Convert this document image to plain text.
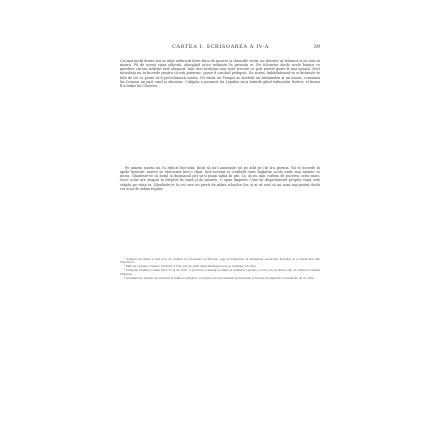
CARTEA I. SCRISOAREA A IV-A	39

Cei mai mulți dintre noi se abat nefericiți între frica de moarte și chinurile vieții: nu dorește să trăiască și nu știu să moară. Fă de aceea viața plăcută, alungând orice neliniște în privința ei. Nu folosește decât acele bunuri ce pierdere cărora sufletul este obișnuit. Iată deci învățăm cum sunt trecute ce poți pierde poate fi mai ușoară. Deci niciodată nu te încrede pentru că ești puternic, poate fi oricând pedepsit. De aceea, îmbărbătează-te și întărește-te față de tot ce poate să-ți pecetluiască soarta. De văzut nu Pompei au hotărât un băiețandru și un eunuc, cruzimea lui Crassus un part crud și obraznic. Caligula a poruncit lui Lepidus să-și întindă gâtul tribunului Dexter; el însuși îl-a întins lui Chaerea.

Pe nimeni soarta nu l-a ridicat într-atât, încât să nu-l amenințe tot pe atât pe cât îi-a permis. Nu te încrede în apele liniștite: marea se răstoarnă într-o clipă, într-aceeași zi corăbiile sunt înghițite acolo unde mai înainte se jucau. Gândește-te că hoțul și dușmanul pot să-ți pună sabia în gât. Cu să nu mai vorbim de puterea celor mari, orice sclav are asupra ta dreptul de viață și de moarte. O spun limpede: Cine își disprețuiește propria viață este stăpân pe viața ta. Gândește-te la cei care au pierit de mâna sclavilor lor, și ai să vezi că nu sunt mai puțini decât cei uciși de mâna regilor.

¹ Pompei cel Mare a fost ucis de ordinul lui Ptolemeu al XIII-lea, rege al Egiptului, la instigarea eunucului Pothinus și a sfetnicului său Theodotos.

² Marcus Licinius Crassus, triumvir, a fost ucis de parți după înfrângerea de la Carrhae (53 î.Hr.).

³ Caligula, împărat roman între 37 și 41 d.Hr., a poruncit uciderea lui Marcus Aemilius Lepidus; a fost ucis la rândul său de tribunul Cassius Chaerea.

⁴ Germanicus, fratele lui Claudius și tatăl lui Caligula, și Lepidus au fost amintiți de Suetoniu și Tacitus în legătură cu uneltirile de la curte.
